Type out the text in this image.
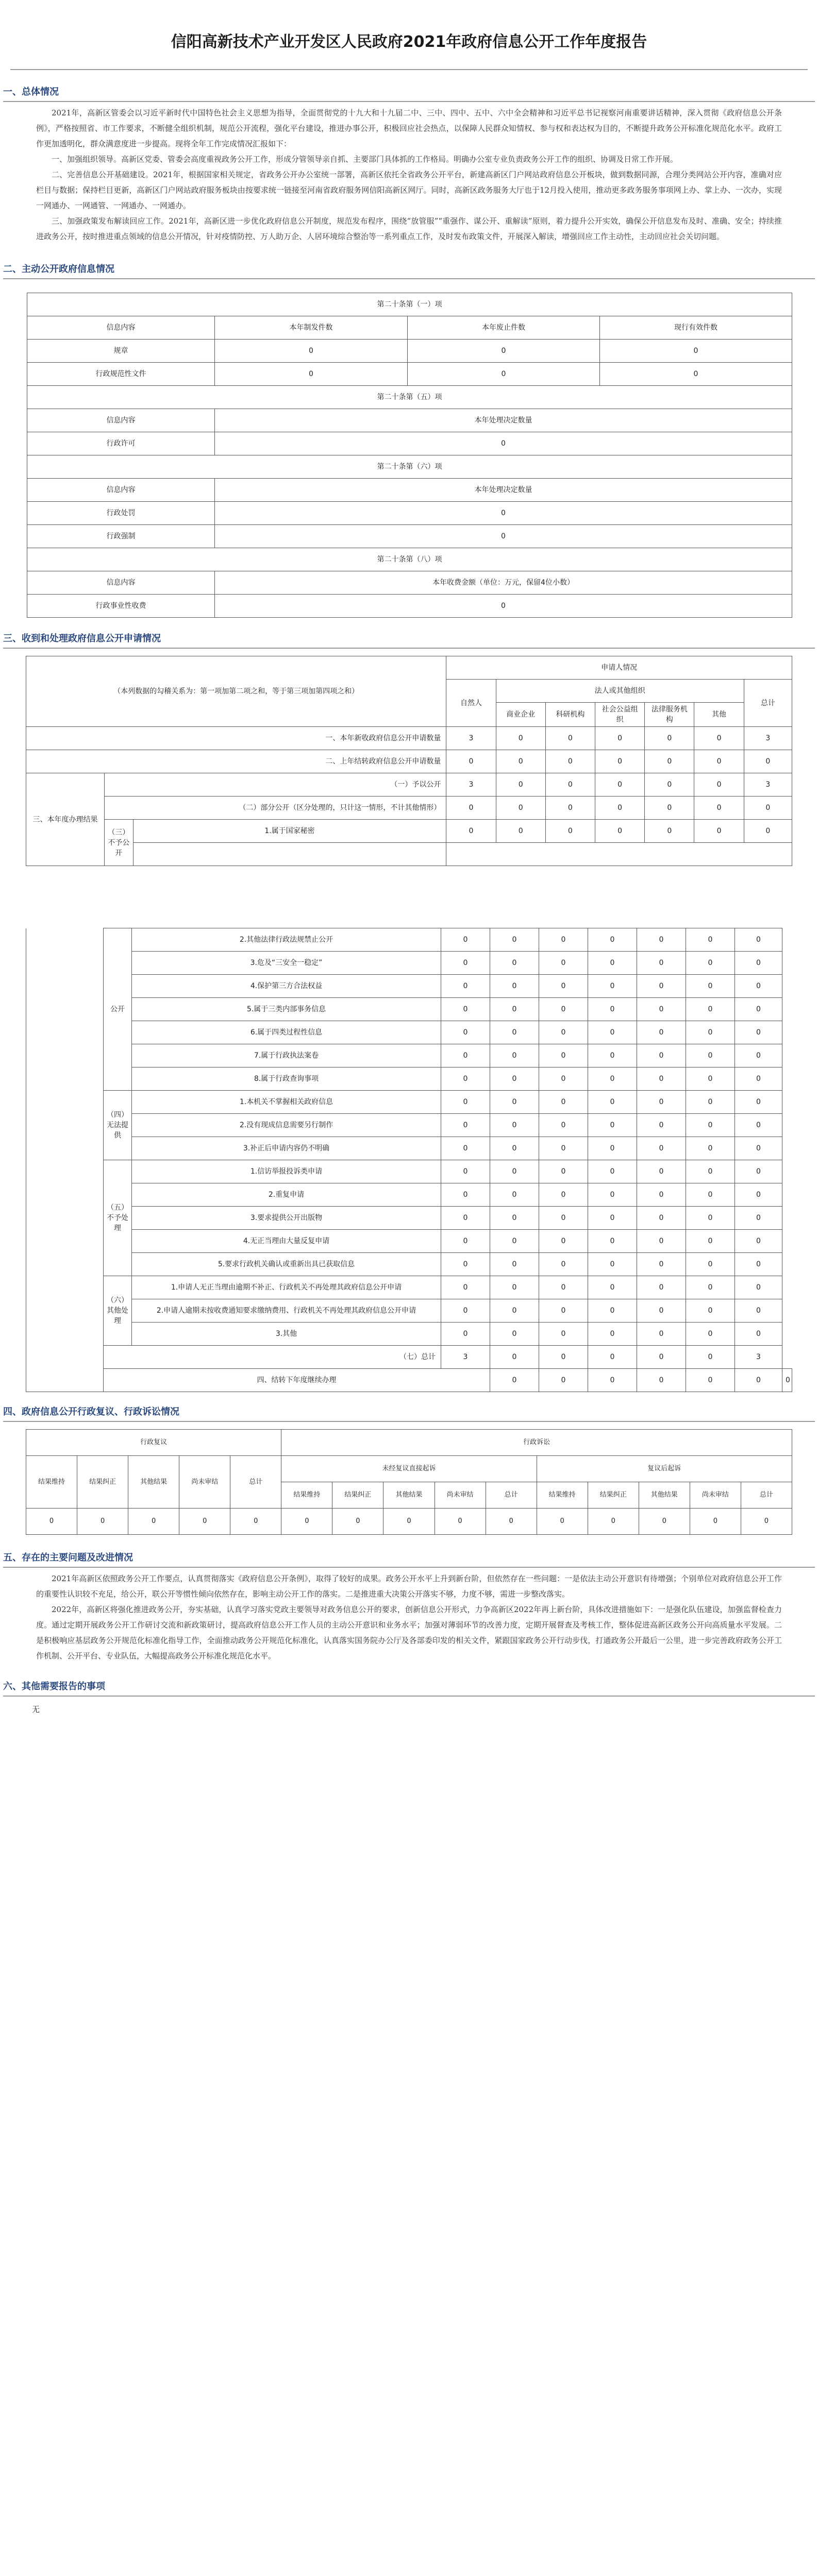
信阳高新技术产业开发区人民政府2021年政府信息公开工作年度报告
一、总体情况

2021年，高新区管委会以习近平新时代中国特色社会主义思想为指导，全面贯彻党的十九大和十九届二中、三中、四中、五中、六中全会精神和习近平总书记视察河南重要讲话精神，深入贯彻《政府信息公开条例》，严格按照省、市工作要求，不断健全组织机制，规范公开流程，强化平台建设，推进办事公开，积极回应社会热点，以保障人民群众知情权、参与权和表达权为目的，不断提升政务公开标准化规范化水平。政府工作更加透明化，群众满意度进一步提高。现将全年工作完成情况汇报如下：

一、加强组织领导。高新区党委、管委会高度重视政务公开工作，形成分管领导亲自抓、主要部门具体抓的工作格局。明确办公室专业负责政务公开工作的组织、协调及日常工作开展。

二、完善信息公开基础建设。2021年，根据国家相关规定，省政务公开办公室统一部署，高新区依托全省政务公开平台，新建高新区门户网站政府信息公开板块，做到数据同源，合理分类网站公开内容，准确对应栏目与数据；保持栏目更新，高新区门户网站政府服务板块由按要求统一链接至河南省政府服务网信阳高新区网厅。同时，高新区政务服务大厅也于12月投入使用，推动更多政务服务事项网上办、掌上办、一次办，实现一网通办、一网通管、一网通办、一网通办。

三、加强政策发布解读回应工作。2021年，高新区进一步优化政府信息公开制度，规范发布程序，围绕“放管服”“重强作、谋公开、重解读”原则，着力提升公开实效，确保公开信息发布及时、准确、安全；持续推进政务公开，按时推进重点领域的信息公开情况，针对疫情防控、万人助万企、人居环境综合整治等一系列重点工作，及时发布政策文件，开展深入解读，增强回应工作主动性，主动回应社会关切问题。

二、主动公开政府信息情况
第二十条第（一）项			
信息内容	本年制发件数	本年废止件数	现行有效件数
规章	0	0	0
行政规范性文件	0	0	0
第二十条第（五）项			
信息内容	本年处理决定数量		
行政许可	0		
第二十条第（六）项			
信息内容	本年处理决定数量		
行政处罚	0		
行政强制	0		
第二十条第（八）项			
信息内容	本年收费金额（单位：万元，保留4位小数）		
行政事业性收费	0		
三、收到和处理政府信息公开申请情况
（本列数据的勾稽关系为：第一项加第二项之和，等于第三项加第四项之和）			申请人情况						
			自然人	法人或其他组织					总计
				商业企业	科研机构	社会公益组织	法律服务机构	其他	
一、本年新收政府信息公开申请数量			3	0	0	0	0	0	3
二、上年结转政府信息公开申请数量			0	0	0	0	0	0	0
三、本年度办理结果	（一）予以公开		3	0	0	0	0	0	3
	（二）部分公开（区分处理的，只计这一情形，不计其他情形）		0	0	0	0	0	0	0
	（三）不予公开	1.属于国家秘密	0	0	0	0	0	0	0

	公开	2.其他法律行政法规禁止公开	0	0	0	0	0	0	0	
		3.危及“三安全一稳定”	0	0	0	0	0	0	0	
		4.保护第三方合法权益	0	0	0	0	0	0	0	
		5.属于三类内部事务信息	0	0	0	0	0	0	0	
		6.属于四类过程性信息	0	0	0	0	0	0	0	
		7.属于行政执法案卷	0	0	0	0	0	0	0	
		8.属于行政查询事项	0	0	0	0	0	0	0	
	（四）无法提供	1.本机关不掌握相关政府信息	0	0	0	0	0	0	0	
		2.没有现成信息需要另行制作	0	0	0	0	0	0	0	
		3.补正后申请内容仍不明确	0	0	0	0	0	0	0	
	（五）不予处理	1.信访举报投诉类申请	0	0	0	0	0	0	0	
		2.重复申请	0	0	0	0	0	0	0	
		3.要求提供公开出版物	0	0	0	0	0	0	0	
		4.无正当理由大量反复申请	0	0	0	0	0	0	0	
		5.要求行政机关确认或重新出具已获取信息	0	0	0	0	0	0	0	
	（六）其他处理	1.申请人无正当理由逾期不补正、行政机关不再处理其政府信息公开申请	0	0	0	0	0	0	0	
		2.申请人逾期未按收费通知要求缴纳费用、行政机关不再处理其政府信息公开申请	0	0	0	0	0	0	0	
		3.其他	0	0	0	0	0	0	0	
	（七）总计		3	0	0	0	0	0	3	
	四、结转下年度继续办理			0	0	0	0	0	0	0
四、政府信息公开行政复议、行政诉讼情况
行政复议					行政诉讼									
结果维持	结果纠正	其他结果	尚未审结	总计	未经复议直接起诉					复议后起诉				
					结果维持	结果纠正	其他结果	尚未审结	总计	结果维持	结果纠正	其他结果	尚未审结	总计
0	0	0	0	0	0	0	0	0	0	0	0	0	0	0
五、存在的主要问题及改进情况

2021年高新区依照政务公开工作要点，认真贯彻落实《政府信息公开条例》，取得了较好的成果。政务公开水平上升到新台阶，但依然存在一些问题：一是依法主动公开意识有待增强；个别单位对政府信息公开工作的重要性认识较不充足，给公开，联公开等惯性倾向依然存在，影响主动公开工作的落实。二是推进重大决策公开落实不够，力度不够，需进一步整改落实。

2022年，高新区将强化推进政务公开，夯实基础，认真学习落实党政主要领导对政务信息公开的要求，创新信息公开形式，力争高新区2022年再上新台阶，具体改进措施如下：一是强化队伍建设，加强监督检查力度。通过定期开展政务公开工作研讨交流和新政策研讨，提高政府信息公开工作人员的主动公开意识和业务水平；加强对薄弱环节的改善力度，定期开展督查及考核工作，整体促进高新区政务公开向高质量水平发展。二是积极响应基层政务公开规范化标准化指导工作，全面推动政务公开规范化标准化，认真落实国务院办公厅及各部委印发的相关文件，紧跟国家政务公开行动步伐，打通政务公开最后一公里，进一步完善政府政务公开工作机制、公开平台、专业队伍，大幅提高政务公开标准化规范化水平。

六、其他需要报告的事项
无
